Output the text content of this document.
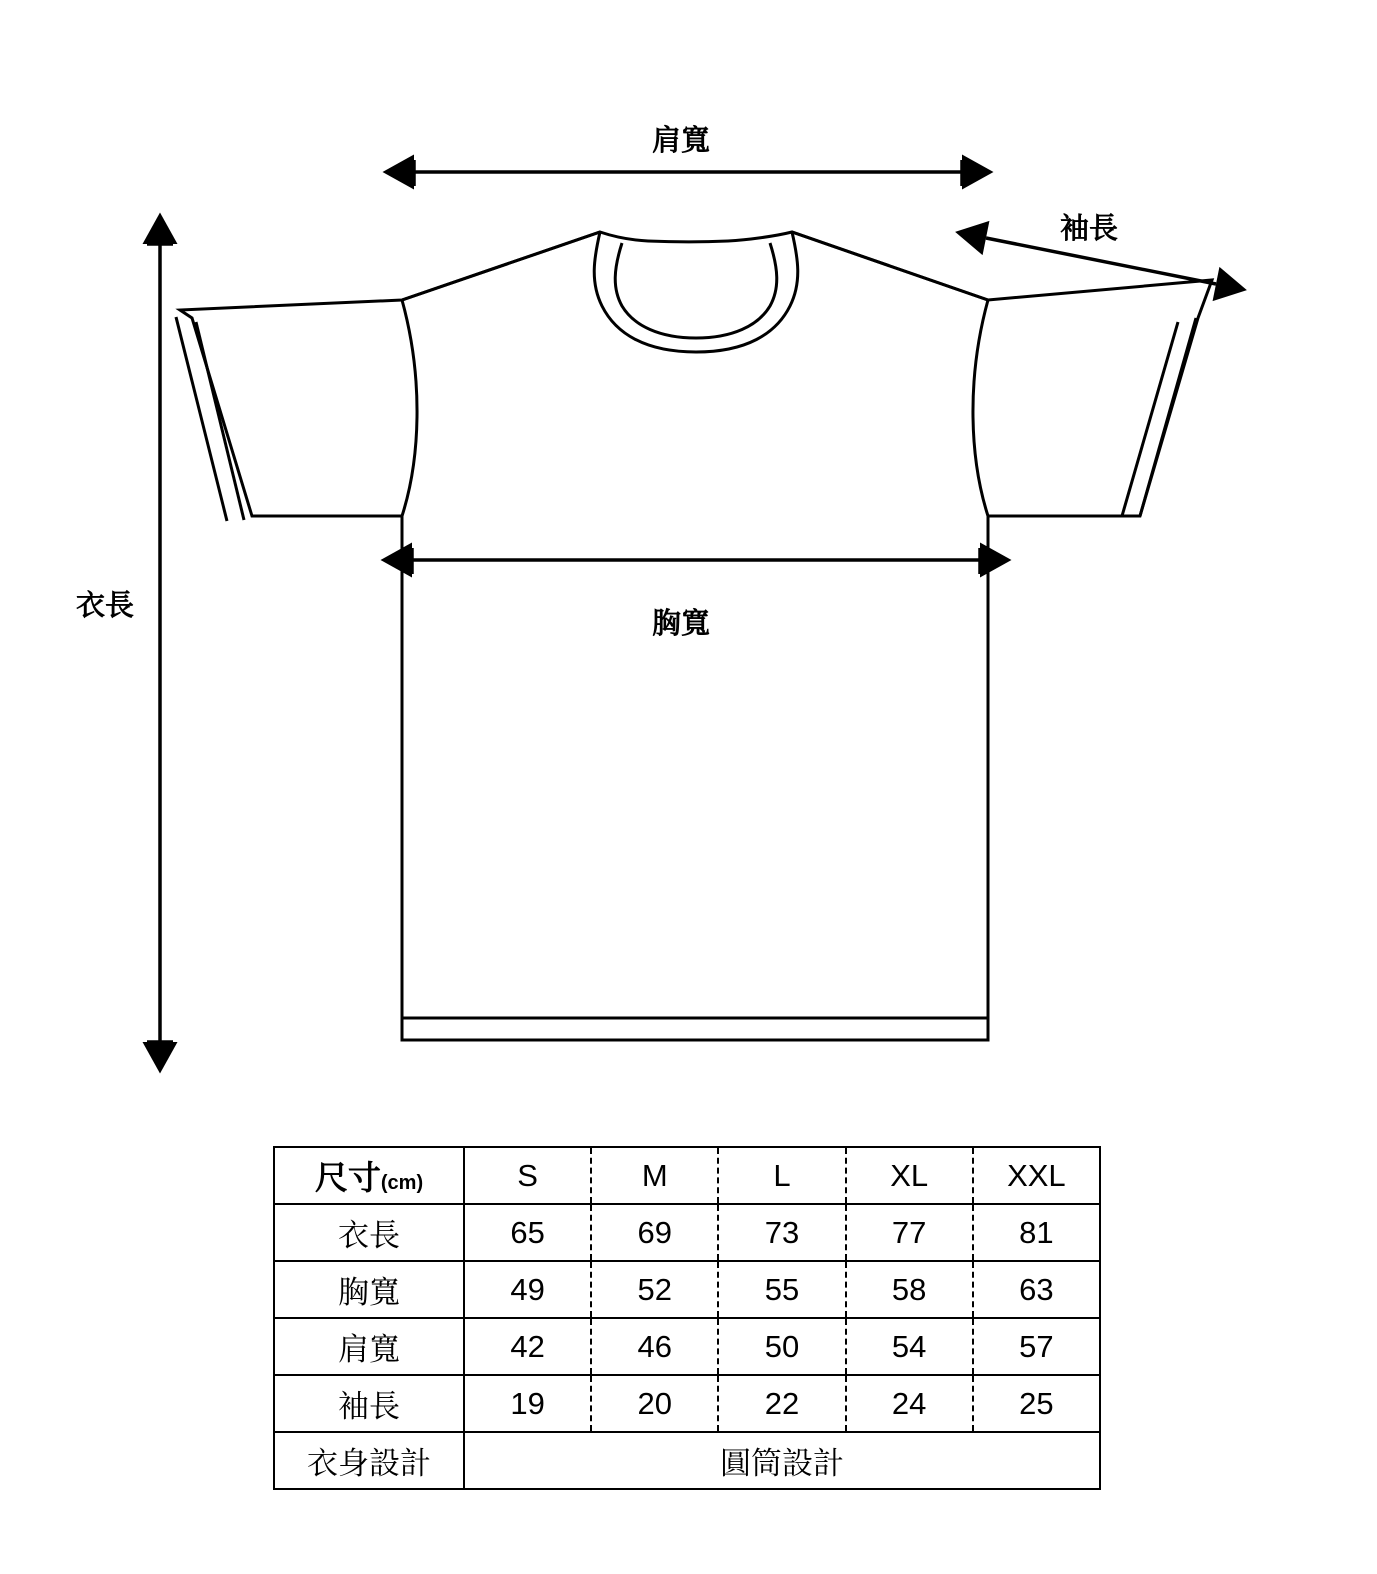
肩寬
袖長
衣長
胸寬
尺寸(cm)	S	M	L	XL	XXL
衣長	65	69	73	77	81
胸寬	49	52	55	58	63
肩寬	42	46	50	54	57
袖長	19	20	22	24	25
衣身設計	圓筒設計				
